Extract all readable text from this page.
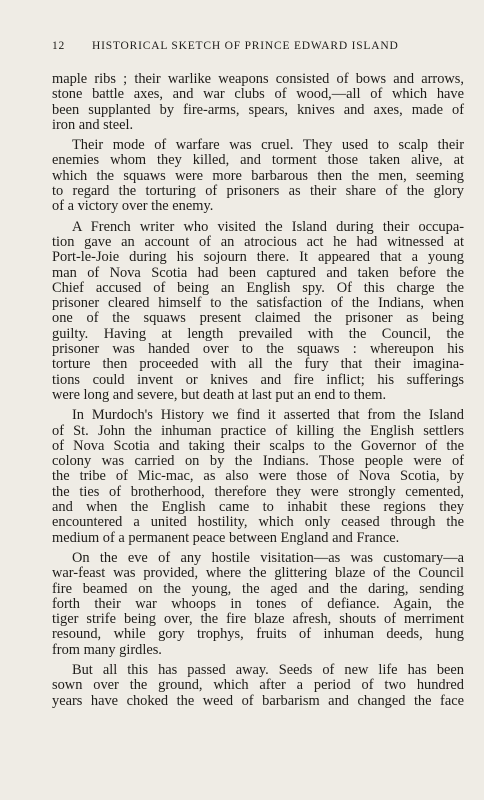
12 HISTORICAL SKETCH OF PRINCE EDWARD ISLAND
maple ribs ; their warlike weapons consisted of bows and arrows,
stone battle axes, and war clubs of wood,—all of which have
been supplanted by fire-arms, spears, knives and axes, made of
iron and steel.
Their mode of warfare was cruel. They used to scalp their
enemies whom they killed, and torment those taken alive, at
which the squaws were more barbarous then the men, seeming
to regard the torturing of prisoners as their share of the glory
of a victory over the enemy.
A French writer who visited the Island during their occupa-
tion gave an account of an atrocious act he had witnessed at
Port-le-Joie during his sojourn there. It appeared that a young
man of Nova Scotia had been captured and taken before the
Chief accused of being an English spy. Of this charge the
prisoner cleared himself to the satisfaction of the Indians, when
one of the squaws present claimed the prisoner as being
guilty. Having at length prevailed with the Council, the
prisoner was handed over to the squaws : whereupon his
torture then proceeded with all the fury that their imagina-
tions could invent or knives and fire inflict; his sufferings
were long and severe, but death at last put an end to them.
In Murdoch's History we find it asserted that from the Island
of St. John the inhuman practice of killing the English settlers
of Nova Scotia and taking their scalps to the Governor of the
colony was carried on by the Indians. Those people were of
the tribe of Mic-mac, as also were those of Nova Scotia, by
the ties of brotherhood, therefore they were strongly cemented,
and when the English came to inhabit these regions they
encountered a united hostility, which only ceased through the
medium of a permanent peace between England and France.
On the eve of any hostile visitation—as was customary—a
war-feast was provided, where the glittering blaze of the Council
fire beamed on the young, the aged and the daring, sending
forth their war whoops in tones of defiance. Again, the
tiger strife being over, the fire blaze afresh, shouts of merriment
resound, while gory trophys, fruits of inhuman deeds, hung
from many girdles.
But all this has passed away. Seeds of new life has been
sown over the ground, which after a period of two hundred
years have choked the weed of barbarism and changed the face
